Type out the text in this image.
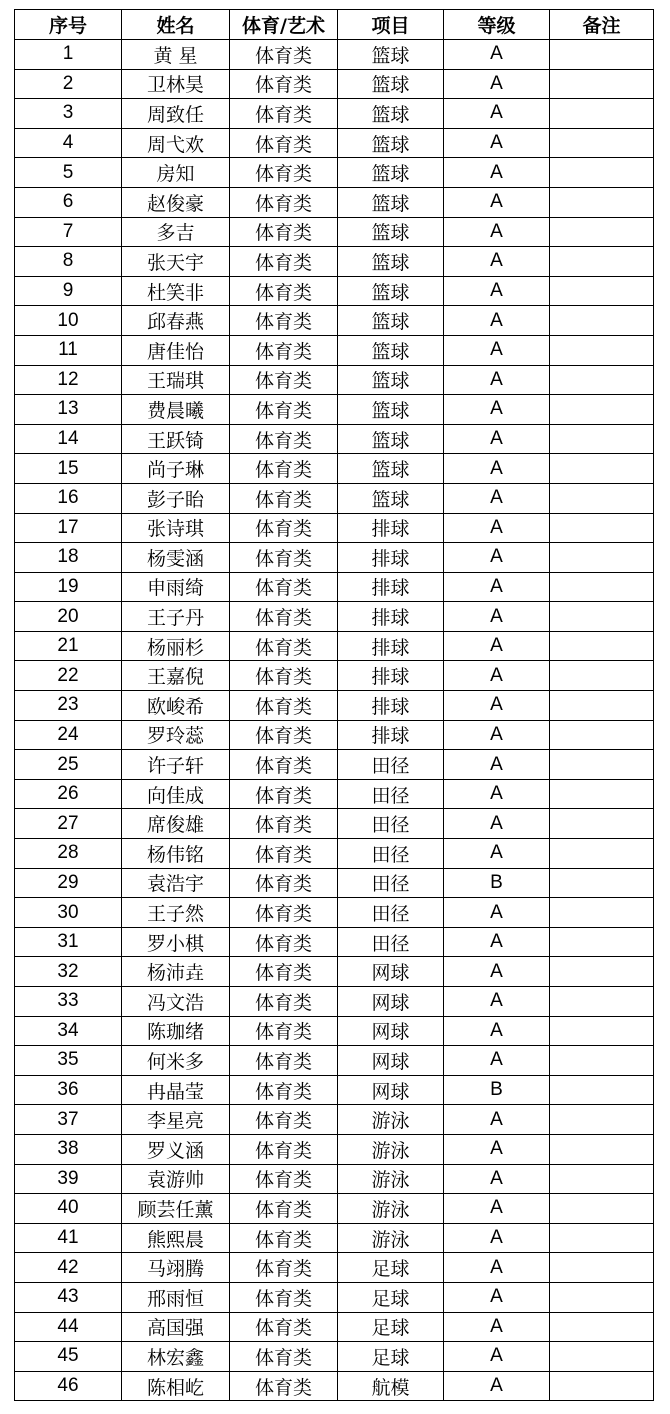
序号	姓名	体育/艺术	项目	等级	备注
1	黄 星	体育类	篮球	A	
2	卫林昊	体育类	篮球	A	
3	周致任	体育类	篮球	A	
4	周弋欢	体育类	篮球	A	
5	房知	体育类	篮球	A	
6	赵俊豪	体育类	篮球	A	
7	多吉	体育类	篮球	A	
8	张天宇	体育类	篮球	A	
9	杜笑非	体育类	篮球	A	
10	邱春燕	体育类	篮球	A	
11	唐佳怡	体育类	篮球	A	
12	王瑞琪	体育类	篮球	A	
13	费晨曦	体育类	篮球	A	
14	王跃锜	体育类	篮球	A	
15	尚子琳	体育类	篮球	A	
16	彭子眙	体育类	篮球	A	
17	张诗琪	体育类	排球	A	
18	杨雯涵	体育类	排球	A	
19	申雨绮	体育类	排球	A	
20	王子丹	体育类	排球	A	
21	杨丽杉	体育类	排球	A	
22	王嘉倪	体育类	排球	A	
23	欧峻希	体育类	排球	A	
24	罗玲蕊	体育类	排球	A	
25	许子轩	体育类	田径	A	
26	向佳成	体育类	田径	A	
27	席俊雄	体育类	田径	A	
28	杨伟铭	体育类	田径	A	
29	袁浩宇	体育类	田径	B	
30	王子然	体育类	田径	A	
31	罗小棋	体育类	田径	A	
32	杨沛垚	体育类	网球	A	
33	冯文浩	体育类	网球	A	
34	陈珈绪	体育类	网球	A	
35	何米多	体育类	网球	A	
36	冉晶莹	体育类	网球	B	
37	李星亮	体育类	游泳	A	
38	罗义涵	体育类	游泳	A	
39	袁游帅	体育类	游泳	A	
40	顾芸任薰	体育类	游泳	A	
41	熊熙晨	体育类	游泳	A	
42	马翊腾	体育类	足球	A	
43	邢雨恒	体育类	足球	A	
44	高国强	体育类	足球	A	
45	林宏鑫	体育类	足球	A	
46	陈相屹	体育类	航模	A	
